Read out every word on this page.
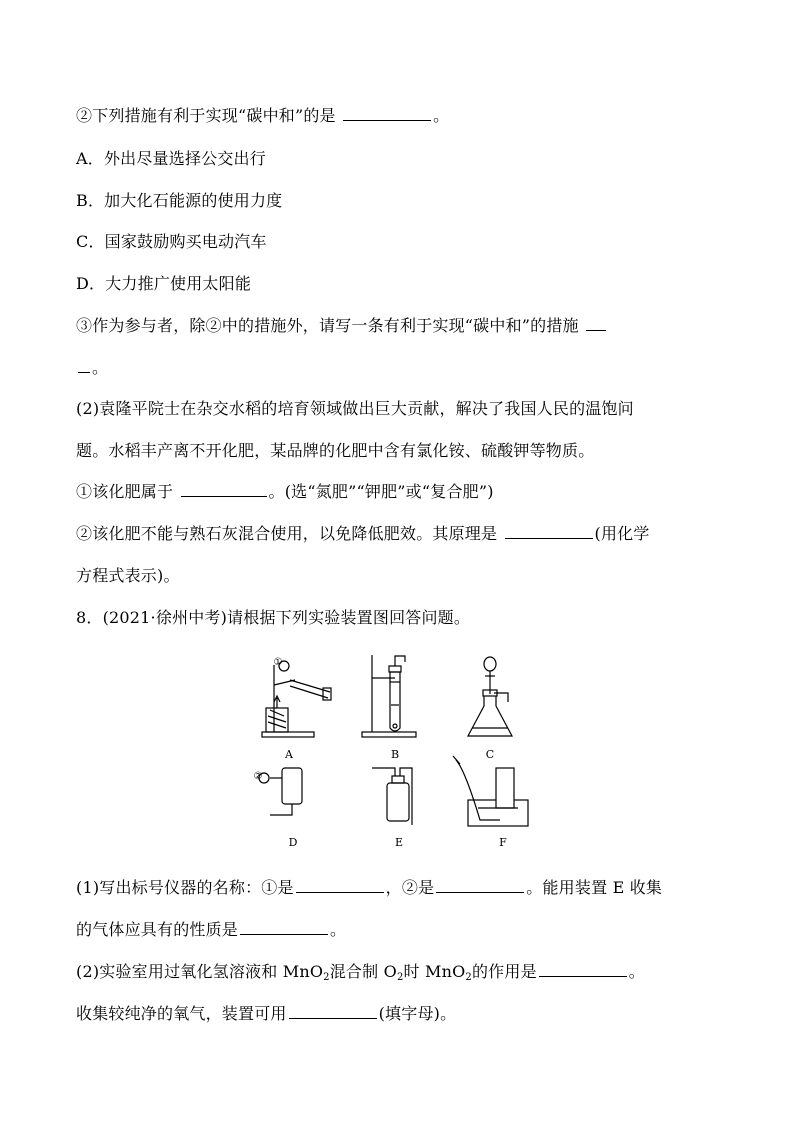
②下列措施有利于实现“碳中和”的是	。
A．外出尽量选择公交出行
B．加大化石能源的使用力度
C．国家鼓励购买电动汽车
D．大力推广使用太阳能
③作为参与者，除②中的措施外，请写一条有利于实现“碳中和”的措施
。
(2)袁隆平院士在杂交水稻的培育领域做出巨大贡献，解决了我国人民的温饱问
题。水稻丰产离不开化肥，某品牌的化肥中含有氯化铵、硫酸钾等物质。
①该化肥属于	。(选“氮肥”“钾肥”或“复合肥”)
②该化肥不能与熟石灰混合使用，以免降低肥效。其原理是	(用化学
方程式表示)。
8．(2021·徐州中考)请根据下列实验装置图回答问题。
A	B	C
D	E	F
①
②
(1)写出标号仪器的名称：①是	，②是	。能用装置 E 收集
的气体应具有的性质是	。
(2)实验室用过氧化氢溶液和 MnO2混合制 O2时 MnO2的作用是	。
收集较纯净的氧气，装置可用	(填字母)。
